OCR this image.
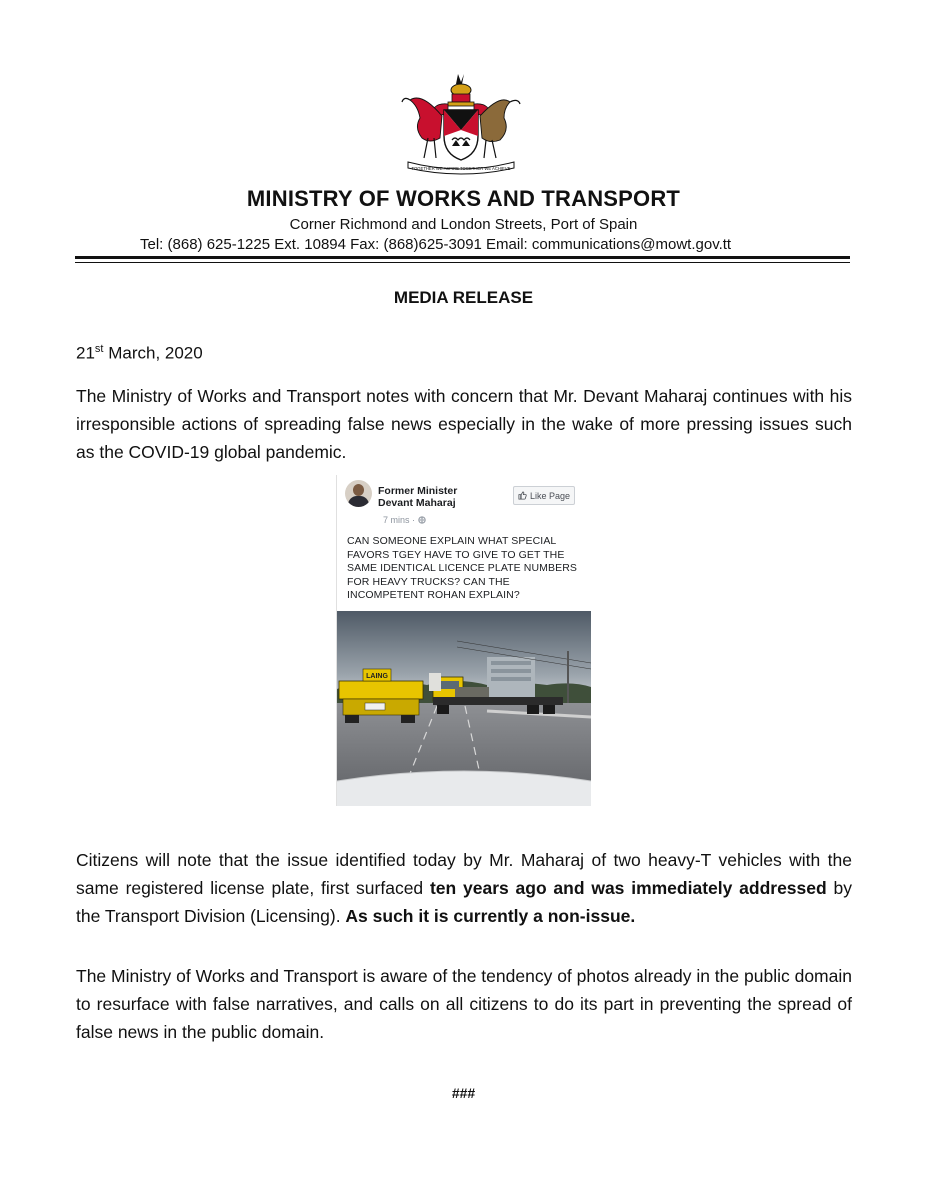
TOGETHER WE ASPIRE TOGETHER WE ACHIEVE
MINISTRY OF WORKS AND TRANSPORT
Corner Richmond and London Streets, Port of Spain
Tel: (868) 625-1225 Ext. 10894 Fax: (868)625-3091 Email: communications@mowt.gov.tt
MEDIA RELEASE
21st March, 2020
The Ministry of Works and Transport notes with concern that Mr. Devant Maharaj continues with his irresponsible actions of spreading false news especially in the wake of more pressing issues such as the COVID-19 global pandemic.
Former Minister
Devant Maharaj
7 mins ·
Like Page
CAN SOMEONE EXPLAIN WHAT SPECIAL FAVORS TGEY HAVE TO GIVE TO GET THE SAME IDENTICAL LICENCE PLATE NUMBERS FOR HEAVY TRUCKS? CAN THE INCOMPETENT ROHAN EXPLAIN?
LAING
Citizens will note that the issue identified today by Mr. Maharaj of two heavy-T vehicles with the same registered license plate, first surfaced ten years ago and was immediately addressed by the Transport Division (Licensing). As such it is currently a non-issue.
The Ministry of Works and Transport is aware of the tendency of photos already in the public domain to resurface with false narratives, and calls on all citizens to do its part in preventing the spread of false news in the public domain.
###
